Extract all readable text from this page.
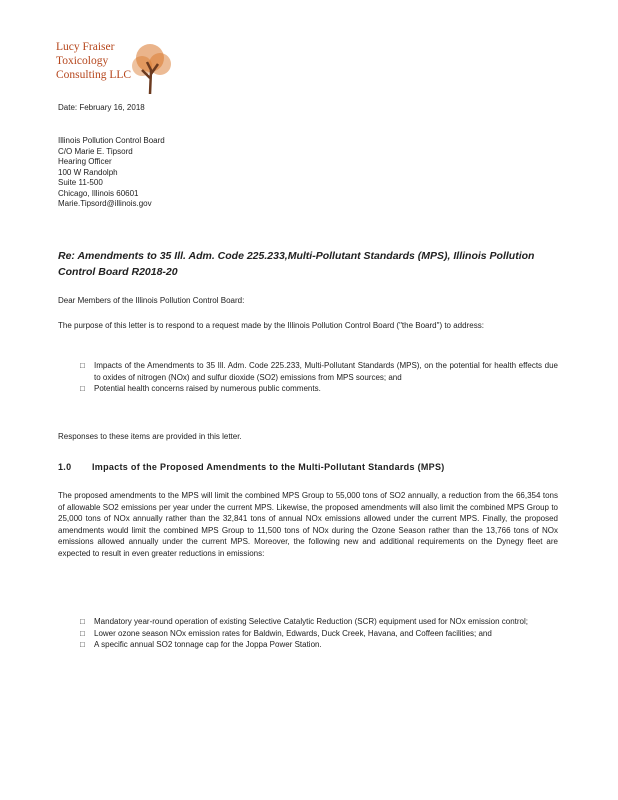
Lucy Fraiser
Toxicology
Consulting LLC
Date: February 16, 2018
Illinois Pollution Control Board
C/O Marie E. Tipsord
Hearing Officer
100 W Randolph
Suite 11-500
Chicago, Illinois 60601
Marie.Tipsord@illinois.gov
Re: Amendments to 35 Ill. Adm. Code 225.233,Multi-Pollutant Standards (MPS), Illinois Pollution Control Board R2018-20
Dear Members of the Illinois Pollution Control Board:
The purpose of this letter is to respond to a request made by the Illinois Pollution Control Board ("the Board") to address:
□ Impacts of the Amendments to 35 Ill. Adm. Code 225.233, Multi-Pollutant Standards (MPS), on the potential for health effects due to oxides of nitrogen (NOx) and sulfur dioxide (SO2) emissions from MPS sources; and
□ Potential health concerns raised by numerous public comments.
Responses to these items are provided in this letter.
1.0 Impacts of the Proposed Amendments to the Multi-Pollutant Standards (MPS)
The proposed amendments to the MPS will limit the combined MPS Group to 55,000 tons of SO2 annually, a reduction from the 66,354 tons of allowable SO2 emissions per year under the current MPS. Likewise, the proposed amendments will also limit the combined MPS Group to 25,000 tons of NOx annually rather than the 32,841 tons of annual NOx emissions allowed under the current MPS. Finally, the proposed amendments would limit the combined MPS Group to 11,500 tons of NOx during the Ozone Season rather than the 13,766 tons of NOx emissions allowed annually under the current MPS. Moreover, the following new and additional requirements on the Dynegy fleet are expected to result in even greater reductions in emissions:
□ Mandatory year-round operation of existing Selective Catalytic Reduction (SCR) equipment used for NOx emission control;
□ Lower ozone season NOx emission rates for Baldwin, Edwards, Duck Creek, Havana, and Coffeen facilities; and
□ A specific annual SO2 tonnage cap for the Joppa Power Station.
